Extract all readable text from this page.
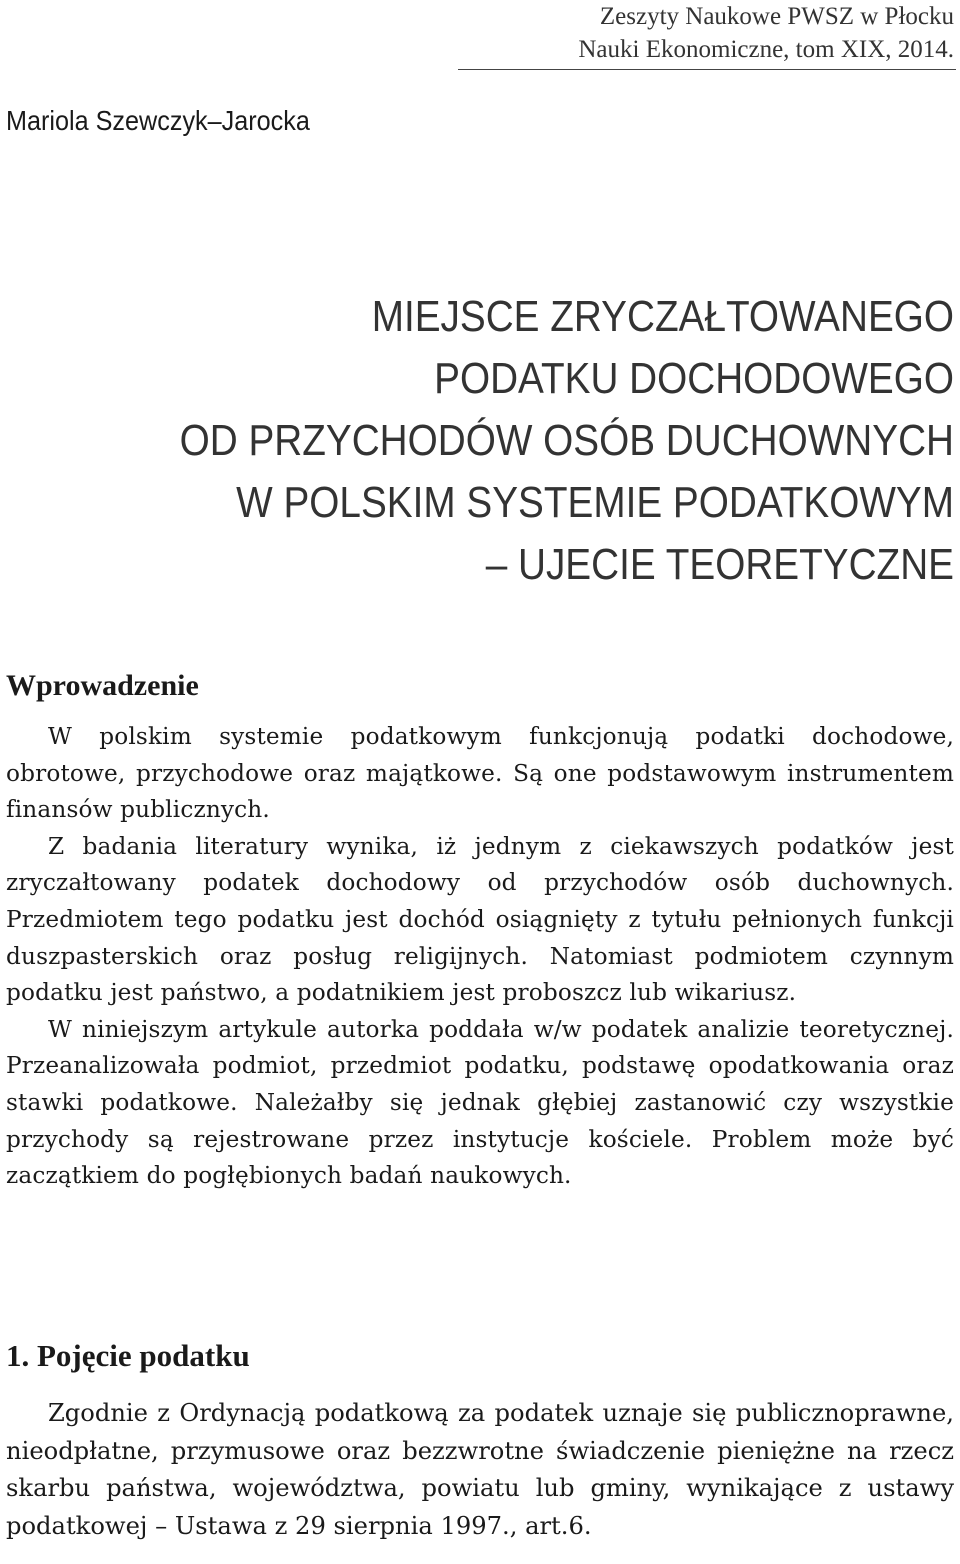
Zeszyty Naukowe PWSZ w Płocku
Nauki Ekonomiczne, tom XIX, 2014.
Mariola Szewczyk–Jarocka
MIEJSCE ZRYCZAŁTOWANEGO
PODATKU DOCHODOWEGO
OD PRZYCHODÓW OSÓB DUCHOWNYCH
W POLSKIM SYSTEMIE PODATKOWYM
– UJECIE TEORETYCZNE
Wprowadzenie

W polskim systemie podatkowym funkcjonują podatki dochodowe, obrotowe, przychodowe oraz majątkowe. Są one podstawowym instrumentem finansów publicznych.

Z badania literatury wynika, iż jednym z ciekawszych podatków jest zryczałtowany podatek dochodowy od przychodów osób duchownych. Przedmiotem tego podatku jest dochód osiągnięty z tytułu pełnionych funkcji duszpasterskich oraz posług religijnych. Natomiast podmiotem czynnym podatku jest państwo, a podatnikiem jest proboszcz lub wikariusz.

W niniejszym artykule autorka poddała w/w podatek analizie teoretycznej. Przeanalizowała podmiot, przedmiot podatku, podstawę opodatkowania oraz stawki podatkowe. Należałby się jednak głębiej zastanowić czy wszystkie przychody są rejestrowane przez instytucje kościele. Problem może być zaczątkiem do pogłębionych badań naukowych.

1. Pojęcie podatku

Zgodnie z Ordynacją podatkową za podatek uznaje się publicznoprawne, nieodpłatne, przymusowe oraz bezzwrotne świadczenie pieniężne na rzecz skarbu państwa, województwa, powiatu lub gminy, wynikające z ustawy podatkowej – Ustawa z 29 sierpnia 1997., art.6.
